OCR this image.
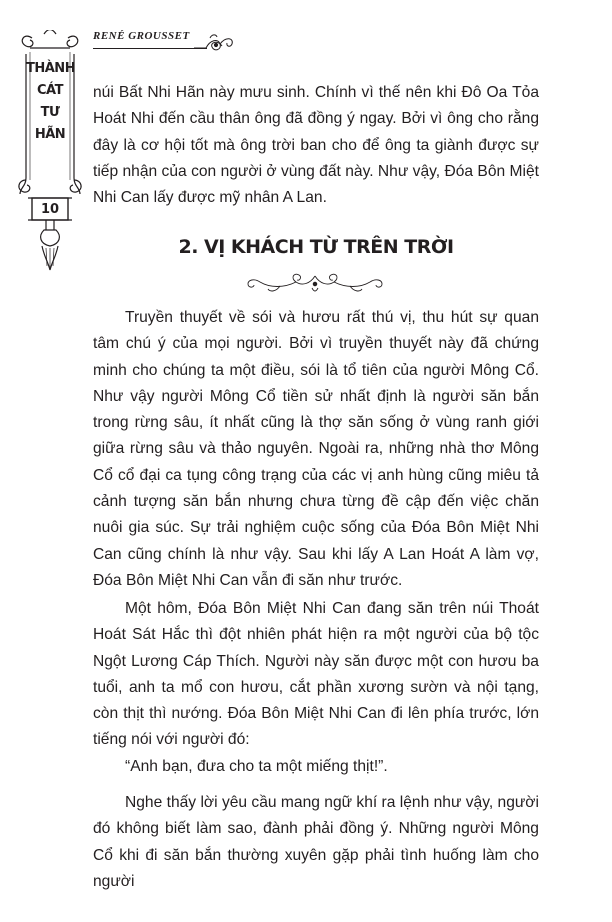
THÀNH
CÁT
TƯ
HÃN
10
RENÉ GROUSSET

núi Bất Nhi Hãn này mưu sinh. Chính vì thế nên khi Đô Oa Tỏa Hoát Nhi đến cầu thân ông đã đồng ý ngay. Bởi vì ông cho rằng đây là cơ hội tốt mà ông trời ban cho để ông ta giành được sự tiếp nhận của con người ở vùng đất này. Như vậy, Đóa Bôn Miệt Nhi Can lấy được mỹ nhân A Lan.

2. VỊ KHÁCH TỪ TRÊN TRỜI

Truyền thuyết về sói và hươu rất thú vị, thu hút sự quan tâm chú ý của mọi người. Bởi vì truyền thuyết này đã chứng minh cho chúng ta một điều, sói là tổ tiên của người Mông Cổ. Như vậy người Mông Cổ tiền sử nhất định là người săn bắn trong rừng sâu, ít nhất cũng là thợ săn sống ở vùng ranh giới giữa rừng sâu và thảo nguyên. Ngoài ra, những nhà thơ Mông Cổ cổ đại ca tụng công trạng của các vị anh hùng cũng miêu tả cảnh tượng săn bắn nhưng chưa từng đề cập đến việc chăn nuôi gia súc. Sự trải nghiệm cuộc sống của Đóa Bôn Miệt Nhi Can cũng chính là như vậy. Sau khi lấy A Lan Hoát A làm vợ, Đóa Bôn Miệt Nhi Can vẫn đi săn như trước.

Một hôm, Đóa Bôn Miệt Nhi Can đang săn trên núi Thoát Hoát Sát Hắc thì đột nhiên phát hiện ra một người của bộ tộc Ngột Lương Cáp Thích. Người này săn được một con hươu ba tuổi, anh ta mổ con hươu, cắt phần xương sườn và nội tạng, còn thịt thì nướng. Đóa Bôn Miệt Nhi Can đi lên phía trước, lớn tiếng nói với người đó:

“Anh bạn, đưa cho ta một miếng thịt!”.

Nghe thấy lời yêu cầu mang ngữ khí ra lệnh như vậy, người đó không biết làm sao, đành phải đồng ý. Những người Mông Cổ khi đi săn bắn thường xuyên gặp phải tình huống làm cho người
